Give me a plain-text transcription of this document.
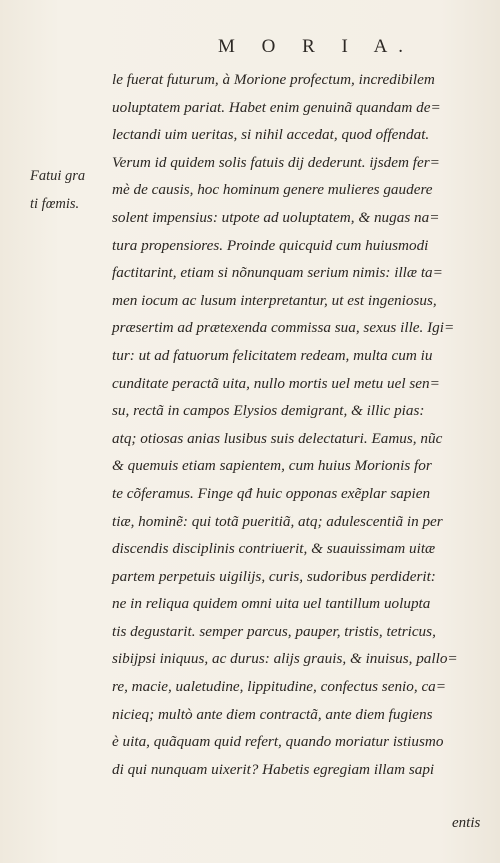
M O R I A.
Fatui gra
ti fœmis.
le fuerat futurum, à Morione profectum, incredibilem
uoluptatem pariat. Habet enim genuinã quandam de=
lectandi uim ueritas, si nihil accedat, quod offendat.
Verum id quidem solis fatuis dij dederunt. ijsdem fer=
mè de causis, hoc hominum genere mulieres gaudere
solent impensius: utpote ad uoluptatem, & nugas na=
tura propensiores. Proinde quicquid cum huiusmodi
factitarint, etiam si nõnunquam serium nimis: illæ ta=
men iocum ac lusum interpretantur, ut est ingeniosus,
præsertim ad prætexenda commissa sua, sexus ille. Igi=
tur: ut ad fatuorum felicitatem redeam, multa cum iu
cunditate peractã uita, nullo mortis uel metu uel sen=
su, rectã in campos Elysios demigrant, & illic pias:
atq; otiosas anias lusibus suis delectaturi. Eamus, nũc
& quemuis etiam sapientem, cum huius Morionis for
te cõferamus. Finge qđ huic opponas exẽplar sapien
tiæ, hominẽ: qui totã pueritiã, atq; adulescentiã in per
discendis disciplinis contriuerit, & suauissimam uitæ
partem perpetuis uigilijs, curis, sudoribus perdiderit:
ne in reliqua quidem omni uita uel tantillum uolupta
tis degustarit. semper parcus, pauper, tristis, tetricus,
sibijpsi iniquus, ac durus: alijs grauis, & inuisus, pallo=
re, macie, ualetudine, lippitudine, confectus senio, ca=
nicieq; multò ante diem contractã, ante diem fugiens
è uita, quãquam quid refert, quando moriatur istiusmo
di qui nunquam uixerit? Habetis egregiam illam sapi
entis
